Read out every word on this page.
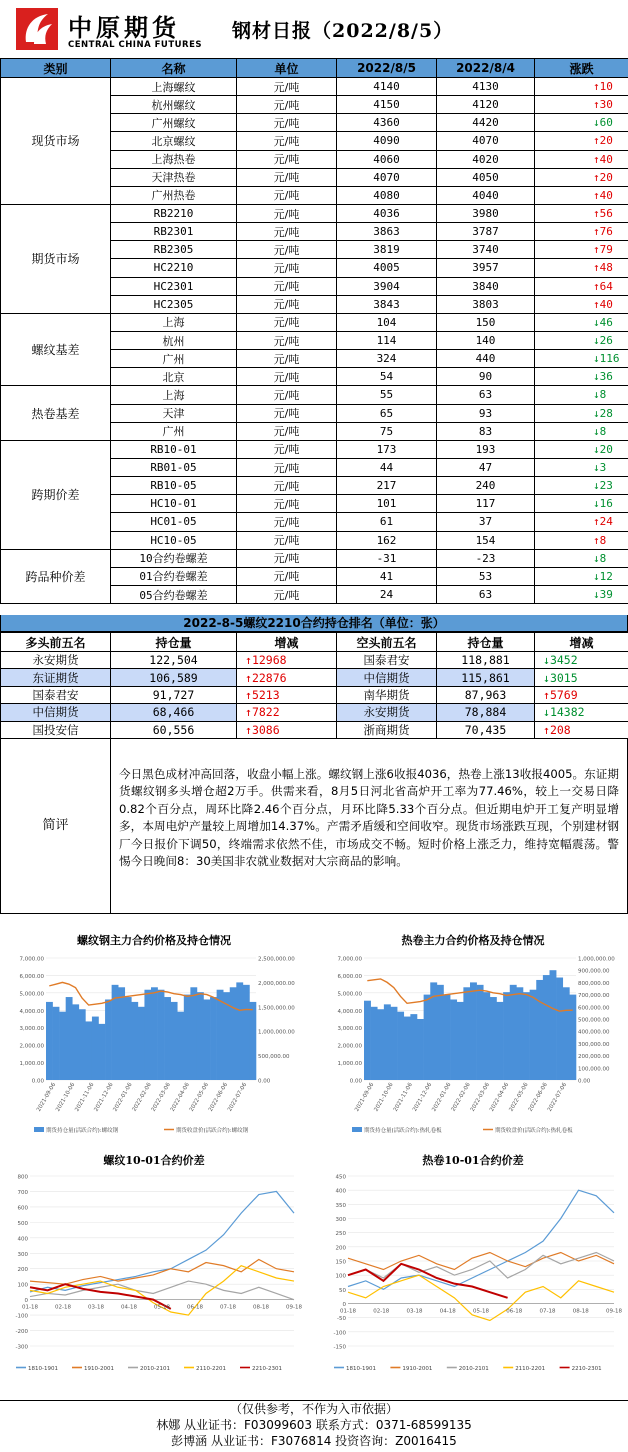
中原期货
CENTRAL CHINA FUTURES
钢材日报（2022/8/5）
类别	名称	单位	2022/8/5	2022/8/4	涨跌
现货市场	上海螺纹	元/吨	4140	4130	↑10
	杭州螺纹	元/吨	4150	4120	↑30
	广州螺纹	元/吨	4360	4420	↓60
	北京螺纹	元/吨	4090	4070	↑20
	上海热卷	元/吨	4060	4020	↑40
	天津热卷	元/吨	4070	4050	↑20
	广州热卷	元/吨	4080	4040	↑40
期货市场	RB2210	元/吨	4036	3980	↑56
	RB2301	元/吨	3863	3787	↑76
	RB2305	元/吨	3819	3740	↑79
	HC2210	元/吨	4005	3957	↑48
	HC2301	元/吨	3904	3840	↑64
	HC2305	元/吨	3843	3803	↑40
螺纹基差	上海	元/吨	104	150	↓46
	杭州	元/吨	114	140	↓26
	广州	元/吨	324	440	↓116
	北京	元/吨	54	90	↓36
热卷基差	上海	元/吨	55	63	↓8
	天津	元/吨	65	93	↓28
	广州	元/吨	75	83	↓8
跨期价差	RB10-01	元/吨	173	193	↓20
	RB01-05	元/吨	44	47	↓3
	RB10-05	元/吨	217	240	↓23
	HC10-01	元/吨	101	117	↓16
	HC01-05	元/吨	61	37	↑24
	HC10-05	元/吨	162	154	↑8
跨品种价差	10合约卷螺差	元/吨	-31	-23	↓8
	01合约卷螺差	元/吨	41	53	↓12
	05合约卷螺差	元/吨	24	63	↓39
2022-8-5螺纹2210合约持仓排名（单位：张）
多头前五名	持仓量	增减	空头前五名	持仓量	增减
永安期货	122,504	↑12968	国泰君安	118,881	↓3452
东证期货	106,589	↑22876	中信期货	115,861	↓3015
国泰君安	91,727	↑5213	南华期货	87,963	↑5769
中信期货	68,466	↑7822	永安期货	78,884	↓14382
国投安信	60,556	↑3086	浙商期货	70,435	↑208
简评
今日黑色成材冲高回落，收盘小幅上涨。螺纹钢上涨6收报4036，热卷上涨13收报4005。东证期货螺纹钢多头增仓超2万手。供需来看，8月5日河北省高炉开工率为77.46%，较上一交易日降0.82个百分点，周环比降2.46个百分点，月环比降5.33个百分点。但近期电炉开工复产明显增多，本周电炉产量较上周增加14.37%。产需矛盾缓和空间收窄。现货市场涨跌互现，个别建材钢厂今日报价下调50，终端需求依然不佳，市场成交不畅。短时价格上涨乏力，维持宽幅震荡。警惕今日晚间8：30美国非农就业数据对大宗商品的影响。
螺纹钢主力合约价格及持仓情况
7,000.00
6,000.00
5,000.00
4,000.00
3,000.00
2,000.00
1,000.00
0.00
2,500,000.00
2,000,000.00
1,500,000.00
1,000,000.00
500,000.00
0.00
2021-09-06
2021-10-06
2021-11-06
2021-12-06
2022-01-06
2022-02-06
2022-03-06
2022-04-06
2022-05-06
2022-06-06
2022-07-06
期货持仓量(活跃合约):螺纹钢	期货收盘价(活跃合约):螺纹钢
热卷主力合约价格及持仓情况
7,000.00
6,000.00
5,000.00
4,000.00
3,000.00
2,000.00
1,000.00
0.00
1,000,000.00
900,000.00
800,000.00
700,000.00
600,000.00
500,000.00
400,000.00
300,000.00
200,000.00
100,000.00
0.00
2021-09-06
2021-10-06
2021-11-06
2021-12-06
2022-01-06
2022-02-06
2022-03-06
2022-04-06
2022-05-06
2022-06-06
2022-07-06
期货持仓量(活跃合约):热轧卷板	期货收盘价(活跃合约):热轧卷板
螺纹10-01合约价差
800
700
600
500
400
300
200
100
0
-100
-200
-300
01-18	02-18	03-18	04-18	05-18	06-18	07-18	08-18	09-18
1810-1901	1910-2001	2010-2101	2110-2201	2210-2301
热卷10-01合约价差
450
400
350
300
250
200
150
100
50
0
-50
-100
-150
01-18	02-18	03-18	04-18	05-18	06-18	07-18	08-18	09-18
1810-1901	1910-2001	2010-2101	2110-2201	2210-2301
（仅供参考，不作为入市依据）
林娜 从业证书：F03099603 联系方式：0371-68599135
彭博涵 从业证书：F3076814 投资咨询：Z0016415
